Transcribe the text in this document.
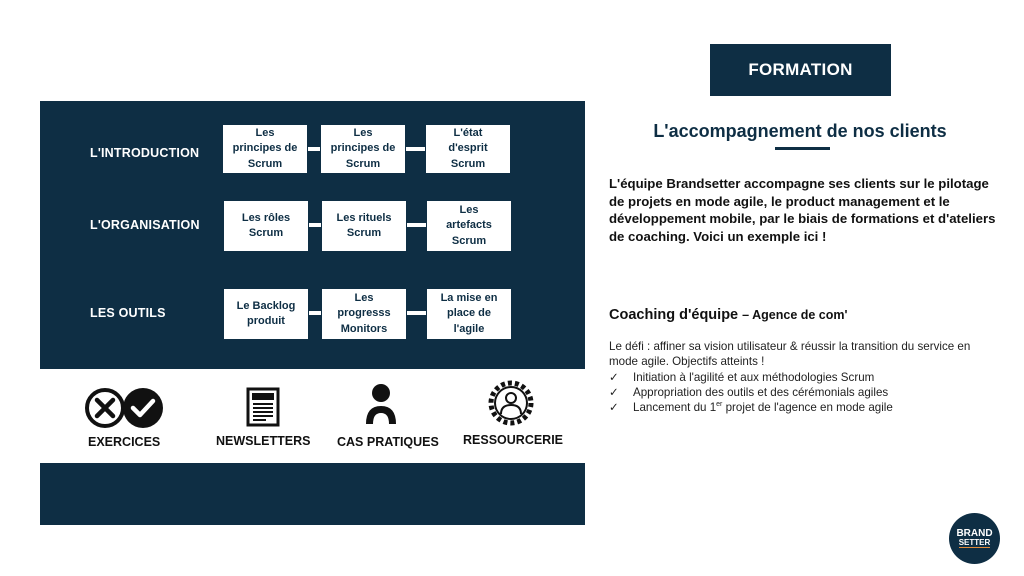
L'INTRODUCTION
Les
principes de
Scrum
Les
principes de
Scrum
L'état
d'esprit
Scrum
L'ORGANISATION
Les rôles
Scrum
Les rituels
Scrum
Les
artefacts
Scrum
LES OUTILS
Le Backlog
produit
Les
progresss
Monitors
La mise en
place de
l'agile
EXERCICES	NEWSLETTERS CAS PRATIQUES RESSOURCERIE
FORMATION
L'accompagnement de nos clients
L'équipe Brandsetter accompagne ses clients sur le pilotage de projets en mode agile, le product management et le développement mobile, par le biais de formations et d'ateliers de coaching. Voici un exemple ici !
Coaching d'équipe – Agence de com'
Le défi : affiner sa vision utilisateur & réussir la transition du service en mode agile. Objectifs atteints !
✓ Initiation à l'agilité et aux méthodologies Scrum
✓ Appropriation des outils et des cérémonials agiles
✓ Lancement du 1er projet de l'agence en mode agile
BRAND
SETTER
